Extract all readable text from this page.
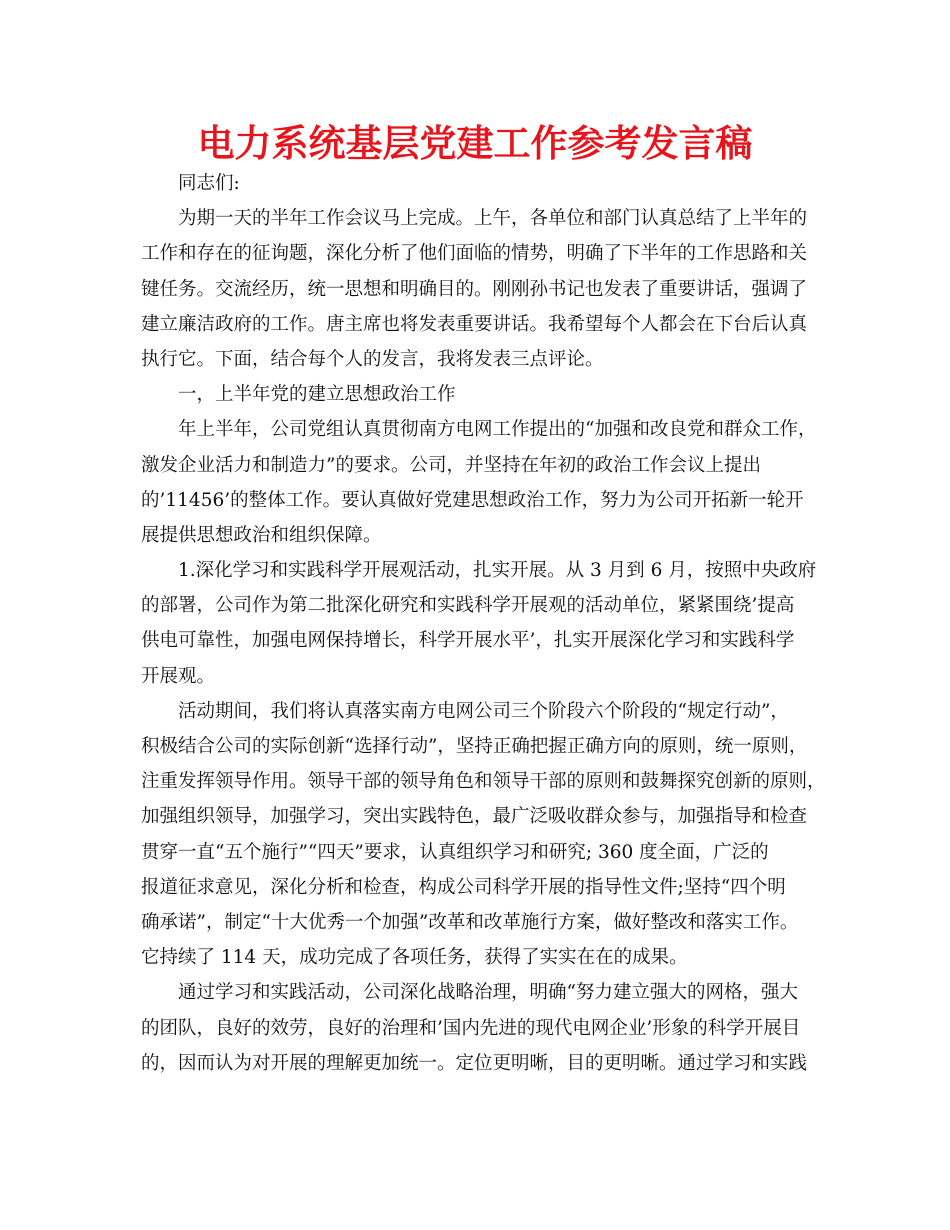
电力系统基层党建工作参考发言稿
同志们:
为期一天的半年工作会议马上完成。上午，各单位和部门认真总结了上半年的
工作和存在的征询题，深化分析了他们面临的情势，明确了下半年的工作思路和关
键任务。交流经历，统一思想和明确目的。刚刚孙书记也发表了重要讲话，强调了
建立廉洁政府的工作。唐主席也将发表重要讲话。我希望每个人都会在下台后认真
执行它。下面，结合每个人的发言，我将发表三点评论。
一，上半年党的建立思想政治工作
年上半年，公司党组认真贯彻南方电网工作提出的“加强和改良党和群众工作，
激发企业活力和制造力”的要求。公司，并坚持在年初的政治工作会议上提出
的’11456’的整体工作。要认真做好党建思想政治工作，努力为公司开拓新一轮开
展提供思想政治和组织保障。
1.深化学习和实践科学开展观活动，扎实开展。从 3 月到 6 月，按照中央政府
的部署，公司作为第二批深化研究和实践科学开展观的活动单位，紧紧围绕’提高
供电可靠性，加强电网保持增长，科学开展水平’，扎实开展深化学习和实践科学
开展观。
活动期间，我们将认真落实南方电网公司三个阶段六个阶段的“规定行动”，
积极结合公司的实际创新“选择行动”，坚持正确把握正确方向的原则，统一原则，
注重发挥领导作用。领导干部的领导角色和领导干部的原则和鼓舞探究创新的原则，
加强组织领导，加强学习，突出实践特色，最广泛吸收群众参与，加强指导和检查
贯穿一直“五个施行”“四天”要求，认真组织学习和研究; 360 度全面，广泛的
报道征求意见，深化分析和检查，构成公司科学开展的指导性文件;坚持“四个明
确承诺”，制定“十大优秀一个加强”改革和改革施行方案，做好整改和落实工作。
它持续了 114 天，成功完成了各项任务，获得了实实在在的成果。
通过学习和实践活动，公司深化战略治理，明确“努力建立强大的网格，强大
的团队，良好的效劳，良好的治理和’国内先进的现代电网企业’形象的科学开展目
的，因而认为对开展的理解更加统一。定位更明晰，目的更明晰。通过学习和实践
